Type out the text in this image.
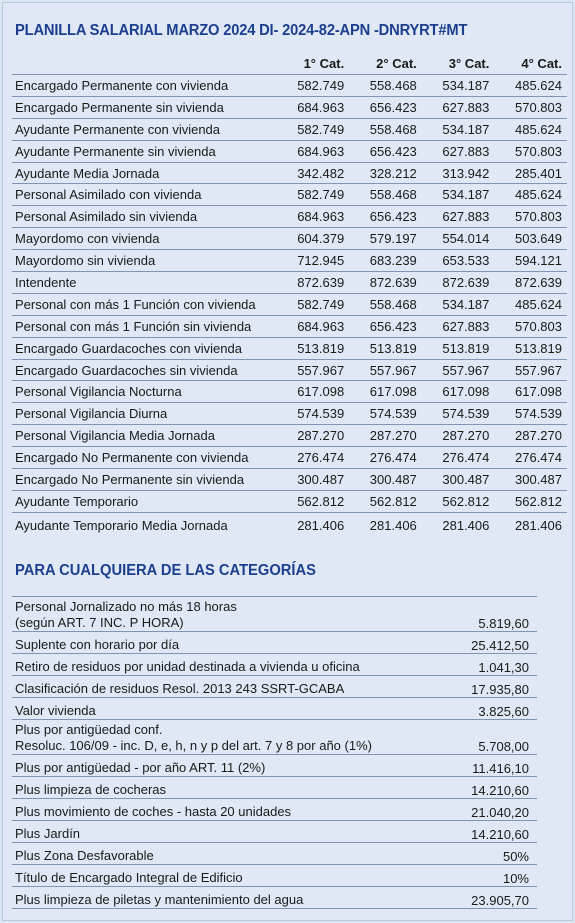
PLANILLA SALARIAL MARZO 2024 DI- 2024-82-APN -DNRYRT#MT
	1° Cat.	2° Cat.	3° Cat.	4° Cat.
Encargado Permanente con vivienda	582.749	558.468	534.187	485.624
Encargado Permanente sin vivienda	684.963	656.423	627.883	570.803
Ayudante Permanente con vivienda	582.749	558.468	534.187	485.624
Ayudante Permanente sin vivienda	684.963	656.423	627.883	570.803
Ayudante Media Jornada	342.482	328.212	313.942	285.401
Personal Asimilado con vivienda	582.749	558.468	534.187	485.624
Personal Asimilado sin vivienda	684.963	656.423	627.883	570.803
Mayordomo con vivienda	604.379	579.197	554.014	503.649
Mayordomo sin vivienda	712.945	683.239	653.533	594.121
Intendente	872.639	872.639	872.639	872.639
Personal con más 1 Función con vivienda	582.749	558.468	534.187	485.624
Personal con más 1 Función sin vivienda	684.963	656.423	627.883	570.803
Encargado Guardacoches con vivienda	513.819	513.819	513.819	513.819
Encargado Guardacoches sin vivienda	557.967	557.967	557.967	557.967
Personal Vigilancia Nocturna	617.098	617.098	617.098	617.098
Personal Vigilancia Diurna	574.539	574.539	574.539	574.539
Personal Vigilancia Media Jornada	287.270	287.270	287.270	287.270
Encargado No Permanente con vivienda	276.474	276.474	276.474	276.474
Encargado No Permanente sin vivienda	300.487	300.487	300.487	300.487
Ayudante Temporario	562.812	562.812	562.812	562.812
Ayudante Temporario Media Jornada	281.406	281.406	281.406	281.406
PARA CUALQUIERA DE LAS CATEGORÍAS
Personal Jornalizado no más 18 horas
(según ART. 7 INC. P HORA)	5.819,60

Suplente con horario por día	25.412,50

Retiro de residuos por unidad destinada a vivienda u oficina	1.041,30

Clasificación de residuos Resol. 2013 243 SSRT-GCABA	17.935,80

Valor vivienda	3.825,60

Plus por antigüedad conf.
Resoluc. 106/09 - inc. D, e, h, n y p del art. 7 y 8 por año (1%)	5.708,00

Plus por antigüedad - por año ART. 11 (2%)	11.416,10

Plus limpieza de cocheras	14.210,60

Plus movimiento de coches - hasta 20 unidades	21.040,20

Plus Jardín	14.210,60

Plus Zona Desfavorable	50%

Título de Encargado Integral de Edificio	10%

Plus limpieza de piletas y mantenimiento del agua	23.905,70
